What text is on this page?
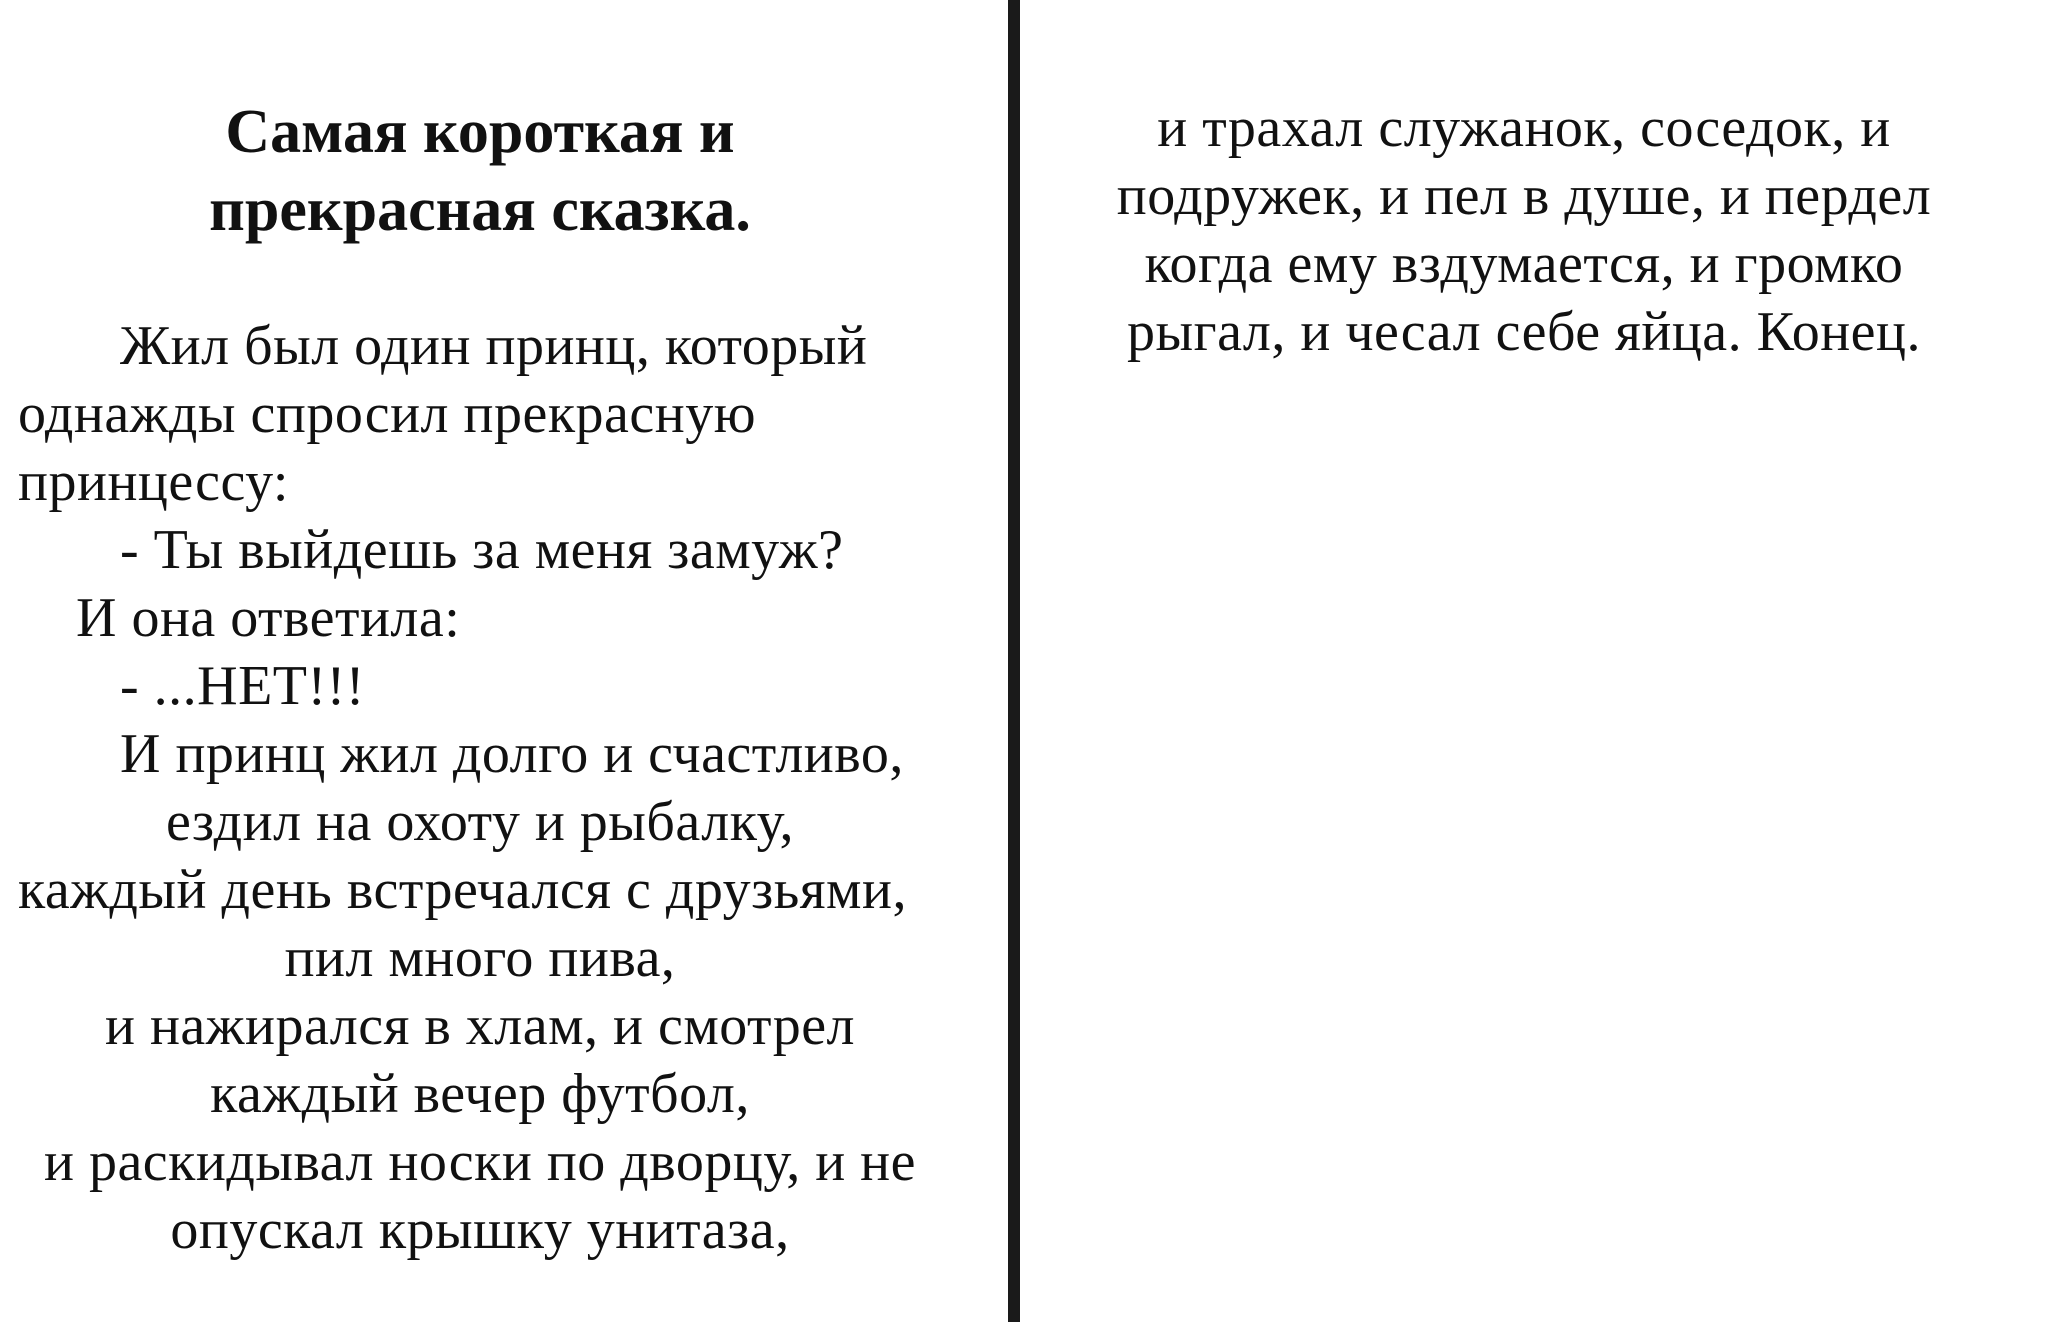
Самая короткая и
прекрасная сказка.
Жил был один принц, который
однажды спросил прекрасную
принцессу:
- Ты выйдешь за меня замуж?
И она ответила:
- ...НЕТ!!!
И принц жил долго и счастливо,
ездил на охоту и рыбалку,
каждый день встречался с друзьями,
пил много пива,
и нажирался в хлам, и смотрел
каждый вечер футбол,
и раскидывал носки по дворцу, и не
опускал крышку унитаза,
и трахал служанок, соседок, и
подружек, и пел в душе, и пердел
когда ему вздумается, и громко
рыгал, и чесал себе яйца. Конец.
